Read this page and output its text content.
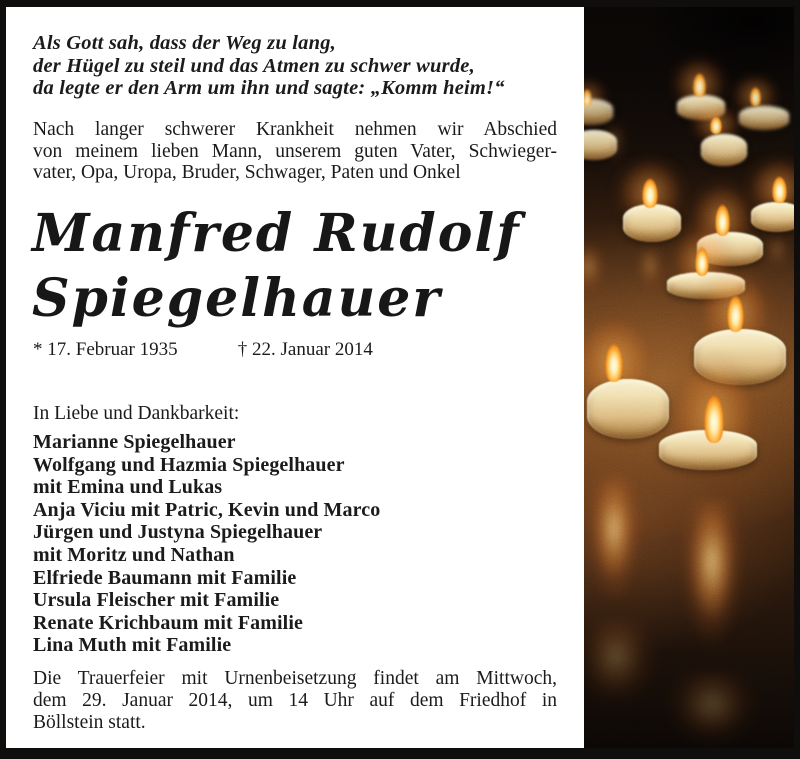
Als Gott sah, dass der Weg zu lang,
der Hügel zu steil und das Atmen zu schwer wurde,
da legte er den Arm um ihn und sagte: „Komm heim!“
Nach langer schwerer Krankheit nehmen wir Abschied
von meinem lieben Mann, unserem guten Vater, Schwieger-
vater, Opa, Uropa, Bruder, Schwager, Paten und Onkel
Manfred Rudolf
Spiegelhauer
* 17. Februar 1935	† 22. Januar 2014
In Liebe und Dankbarkeit:
Marianne Spiegelhauer
Wolfgang und Hazmia Spiegelhauer
mit Emina und Lukas
Anja Viciu mit Patric, Kevin und Marco
Jürgen und Justyna Spiegelhauer
mit Moritz und Nathan
Elfriede Baumann mit Familie
Ursula Fleischer mit Familie
Renate Krichbaum mit Familie
Lina Muth mit Familie
Die Trauerfeier mit Urnenbeisetzung findet am Mittwoch,
dem 29. Januar 2014, um 14 Uhr auf dem Friedhof in
Böllstein statt.
